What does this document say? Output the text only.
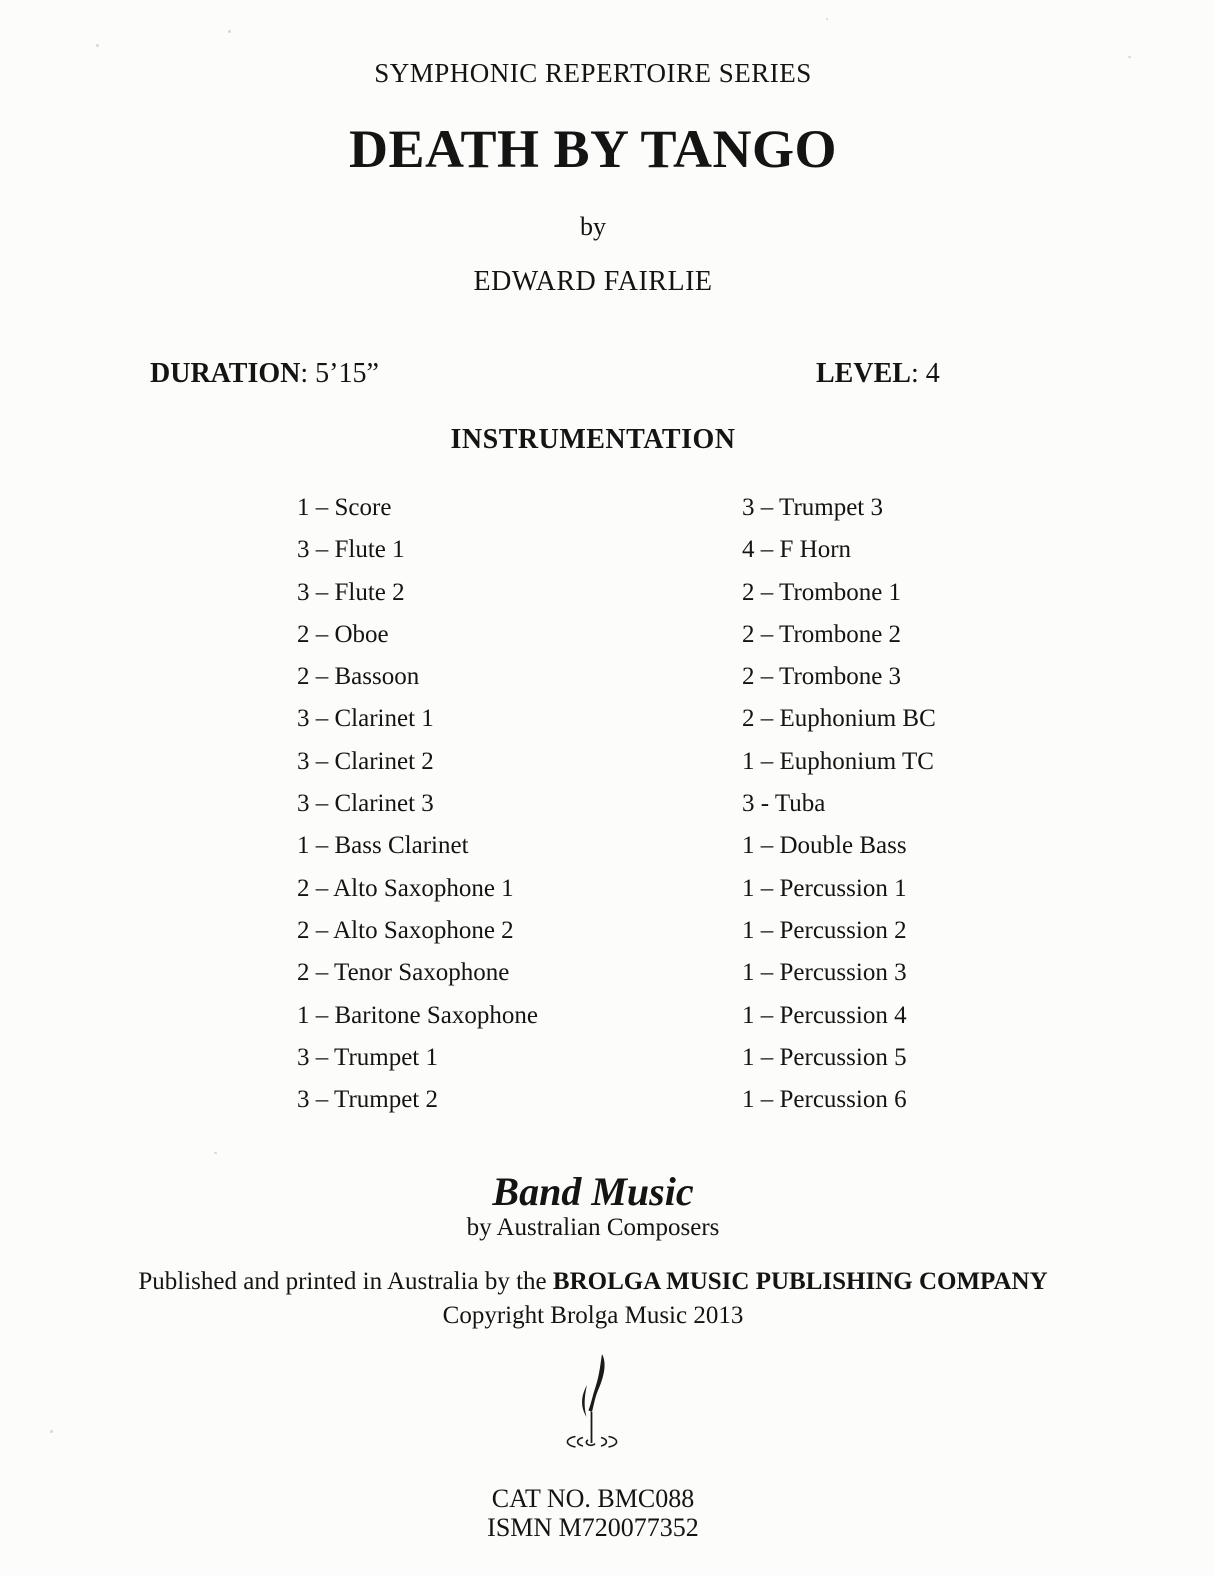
SYMPHONIC REPERTOIRE SERIES
DEATH BY TANGO
by
EDWARD FAIRLIE
DURATION: 5’15”	LEVEL: 4
INSTRUMENTATION
1 – Score
3 – Flute 1
3 – Flute 2
2 – Oboe
2 – Bassoon
3 – Clarinet 1
3 – Clarinet 2
3 – Clarinet 3
1 – Bass Clarinet
2 – Alto Saxophone 1
2 – Alto Saxophone 2
2 – Tenor Saxophone
1 – Baritone Saxophone
3 – Trumpet 1
3 – Trumpet 2
3 – Trumpet 3
4 – F Horn
2 – Trombone 1
2 – Trombone 2
2 – Trombone 3
2 – Euphonium BC
1 – Euphonium TC
3 - Tuba
1 – Double Bass
1 – Percussion 1
1 – Percussion 2
1 – Percussion 3
1 – Percussion 4
1 – Percussion 5
1 – Percussion 6
Band Music
by Australian Composers
Published and printed in Australia by the BROLGA MUSIC PUBLISHING COMPANY
Copyright Brolga Music 2013
CAT NO. BMC088
ISMN M720077352
